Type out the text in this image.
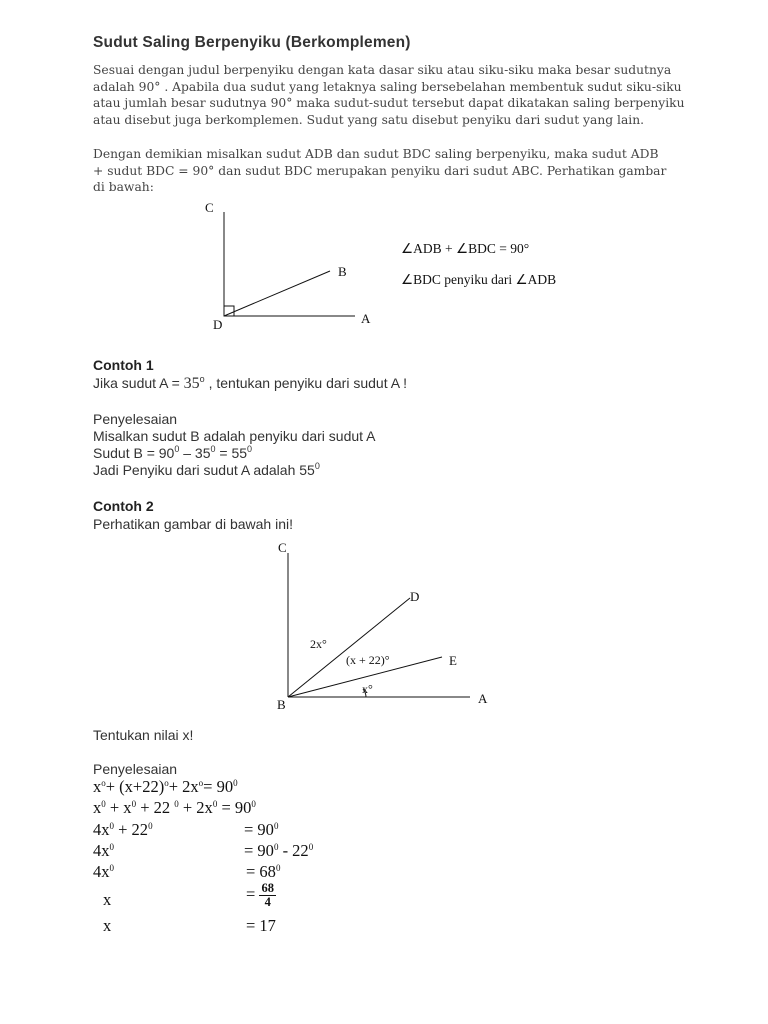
Sudut Saling Berpenyiku (Berkomplemen)

Sesuai dengan judul berpenyiku dengan kata dasar siku atau siku-siku maka besar sudutnya

adalah 90° . Apabila dua sudut yang letaknya saling bersebelahan membentuk sudut siku-siku

atau jumlah besar sudutnya 90° maka sudut-sudut tersebut dapat dikatakan saling berpenyiku

atau disebut juga berkomplemen. Sudut yang satu disebut penyiku dari sudut yang lain.

Dengan demikian misalkan sudut ADB dan sudut BDC saling berpenyiku, maka sudut ADB

+ sudut BDC = 90° dan sudut BDC merupakan penyiku dari sudut ABC. Perhatikan gambar

di bawah:

C
B
D	A
∠ADB + ∠BDC = 90°
∠BDC penyiku dari ∠ADB
Contoh 1
Jika sudut $A = 35^o$ , tentukan penyiku dari sudut A !
Penyelesaian
Misalkan sudut B adalah penyiku dari sudut A
Sudut $B = 90^0 - 35^0 = 55^0$
Jadi Penyiku dari sudut A adalah $55^0$
Contoh 2
Perhatikan gambar di bawah ini!
C
D
E
B	A
2x°
(x + 22)°
x°
Tentukan nilai x!
Penyelesaian
$x^o+ (x+22)^o+ 2x^o= 90^0$
$x^0 + x^0 + 22$ $^0 + 2x^0 = 90^0$
$4x^0 + 22^0$	= $90^0$
$4x^0$	= $90^0 - 22^0$
$4x^0$	= $68^0$
x	= $\frac{68}{4}$
x	= 17
